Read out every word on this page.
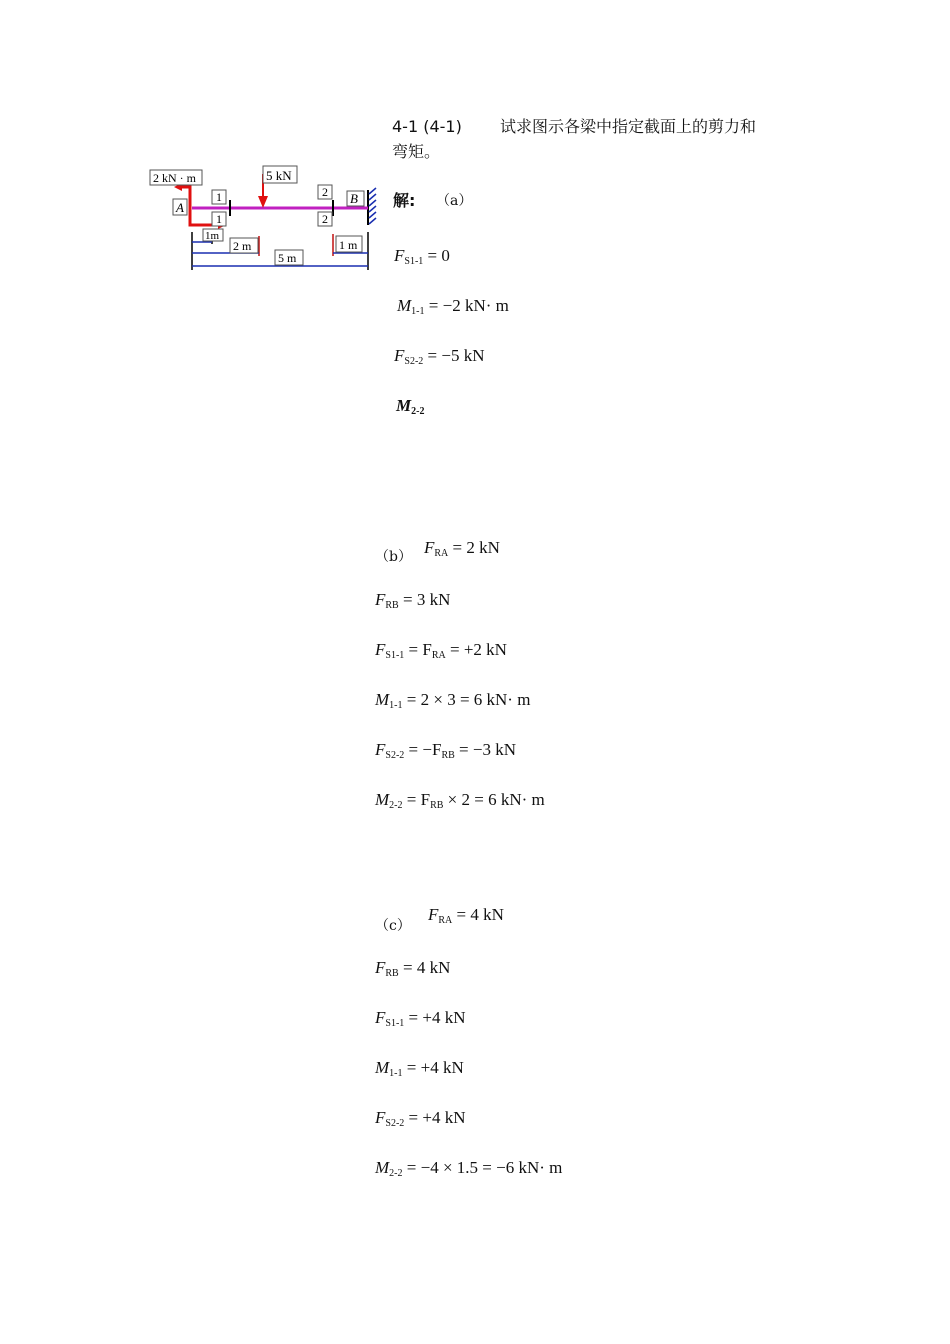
4-1 (4-1) 试求图示各梁中指定截面上的剪力和
弯矩。
2 kN · m	5 kN
A
B
1
1
2
2
1m
2 m	1 m
5 m
解: （a）
$F_{S1-1} = 0$
$M_{1-1} = -2$ kN· m
$F_{S2-2} = -5$ kN
$M_{2-2}$
（b） $F_{RA} = 2$ kN
$F_{RB} = 3$ kN
$F_{S1-1} = F_{RA} = +2$ kN
$M_{1-1} = 2 \times 3 = 6$ kN· m
$F_{S2-2} = -F_{RB} = -3$ kN
$M_{2-2} = F_{RB} \times 2 = 6$ kN· m
（c）
$F_{RA} = 4$ kN
$F_{RB} = 4$ kN
$F_{S1-1} = +4$ kN
$M_{1-1} = +4$ kN
$F_{S2-2} = +4$ kN
$M_{2-2} = -4 \times 1.5 = -6$ kN· m
